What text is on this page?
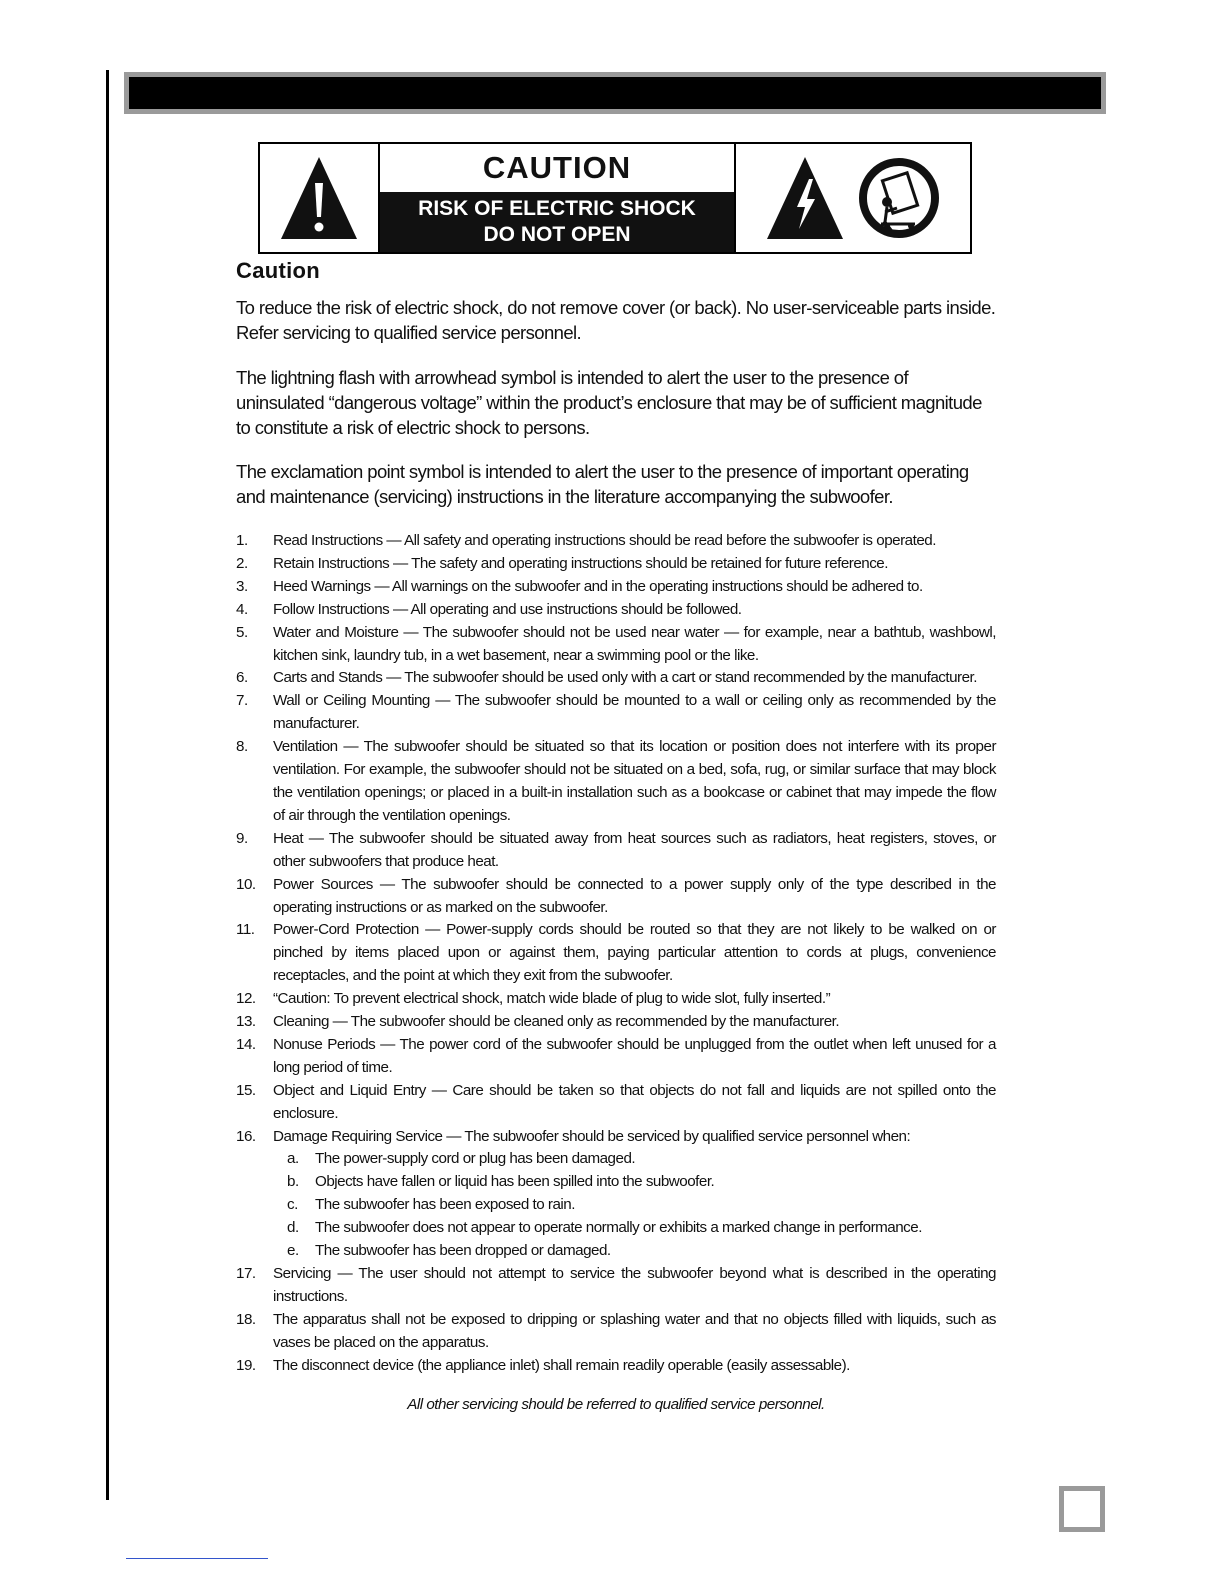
CAUTION
RISK OF ELECTRIC SHOCK
DO NOT OPEN
Caution

To reduce the risk of electric shock, do not remove cover (or back). No user-serviceable parts inside. Refer servicing to qualified service personnel.

The lightning flash with arrowhead symbol is intended to alert the user to the presence of uninsulated “dangerous voltage” within the product’s enclosure that may be of sufficient magnitude to constitute a risk of electric shock to persons.

The exclamation point symbol is intended to alert the user to the presence of important operating and maintenance (servicing) instructions in the literature accompanying the subwoofer.

1.	Read Instructions — All safety and operating instructions should be read before the subwoofer is operated.
2.	Retain Instructions — The safety and operating instructions should be retained for future reference.
3.	Heed Warnings — All warnings on the subwoofer and in the operating instructions should be adhered to.
4.	Follow Instructions — All operating and use instructions should be followed.
5.	Water and Moisture — The subwoofer should not be used near water — for example, near a bathtub, washbowl, kitchen sink, laundry tub, in a wet basement, near a swimming pool or the like.
6.	Carts and Stands — The subwoofer should be used only with a cart or stand recommended by the manufacturer.
7.	Wall or Ceiling Mounting — The subwoofer should be mounted to a wall or ceiling only as recommended by the manufacturer.
8.	Ventilation — The subwoofer should be situated so that its location or position does not interfere with its proper ventilation. For example, the subwoofer should not be situated on a bed, sofa, rug, or similar surface that may block the ventilation openings; or placed in a built-in installation such as a bookcase or cabinet that may impede the flow of air through the ventilation openings.
9.	Heat — The subwoofer should be situated away from heat sources such as radiators, heat registers, stoves, or other subwoofers that produce heat.
10.	Power Sources — The subwoofer should be connected to a power supply only of the type described in the operating instructions or as marked on the subwoofer.
11.	Power-Cord Protection — Power-supply cords should be routed so that they are not likely to be walked on or pinched by items placed upon or against them, paying particular attention to cords at plugs, convenience receptacles, and the point at which they exit from the subwoofer.
12.	“Caution: To prevent electrical shock, match wide blade of plug to wide slot, fully inserted.”
13.	Cleaning — The subwoofer should be cleaned only as recommended by the manufacturer.
14.	Nonuse Periods — The power cord of the subwoofer should be unplugged from the outlet when left unused for a long period of time.
15.	Object and Liquid Entry — Care should be taken so that objects do not fall and liquids are not spilled onto the enclosure.
16.	Damage Requiring Service — The subwoofer should be serviced by qualified service personnel when:
a.	The power-supply cord or plug has been damaged.
b.	Objects have fallen or liquid has been spilled into the subwoofer.
c.	The subwoofer has been exposed to rain.
d.	The subwoofer does not appear to operate normally or exhibits a marked change in performance.
e.	The subwoofer has been dropped or damaged.
17.	Servicing — The user should not attempt to service the subwoofer beyond what is described in the operating instructions.
18.	The apparatus shall not be exposed to dripping or splashing water and that no objects filled with liquids, such as vases be placed on the apparatus.
19.	The disconnect device (the appliance inlet) shall remain readily operable (easily assessable).
All other servicing should be referred to qualified service personnel.
